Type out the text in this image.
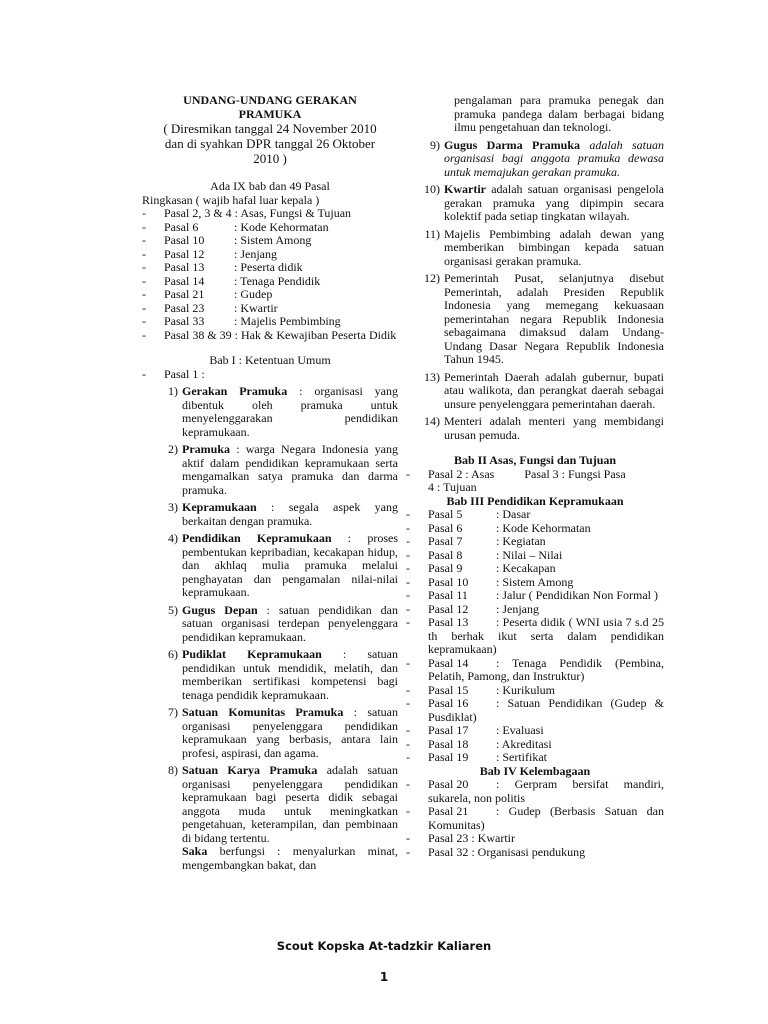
UNDANG-UNDANG GERAKAN
PRAMUKA
( Diresmikan tanggal 24 November 2010
dan di syahkan DPR tanggal 26 Oktober
2010 )
Ada IX bab dan 49 Pasal
Ringkasan ( wajib hafal luar kepala )
-	Pasal 2, 3 & 4 : Asas, Fungsi & Tujuan
-	Pasal 6	: Kode Kehormatan
-	Pasal 10	: Sistem Among
-	Pasal 12	: Jenjang
-	Pasal 13	: Peserta didik
-	Pasal 14	: Tenaga Pendidik
-	Pasal 21	: Gudep
-	Pasal 23	: Kwartir
-	Pasal 33	: Majelis Pembimbing
-	Pasal 38 & 39 : Hak & Kewajiban Peserta Didik
Bab I : Ketentuan Umum
-	Pasal 1 :
1) Gerakan Pramuka : organisasi yang dibentuk oleh pramuka untuk menyelenggarakan pendidikan kepramukaan.
2) Pramuka : warga Negara Indonesia yang aktif dalam pendidikan kepramukaan serta mengamalkan satya pramuka dan darma pramuka.
3) Kepramukaan : segala aspek yang berkaitan dengan pramuka.
4) Pendidikan Kepramukaan : proses pembentukan kepribadian, kecakapan hidup, dan akhlaq mulia pramuka melalui penghayatan dan pengamalan nilai-nilai kepramukaan.
5) Gugus Depan : satuan pendidikan dan satuan organisasi terdepan penyelenggara pendidikan kepramukaan.
6) Pudiklat Kepramukaan : satuan pendidikan untuk mendidik, melatih, dan memberikan sertifikasi kompetensi bagi tenaga pendidik kepramukaan.
7) Satuan Komunitas Pramuka : satuan organisasi penyelenggara pendidikan kepramukaan yang berbasis, antara lain profesi, aspirasi, dan agama.
8) Satuan Karya Pramuka adalah satuan organisasi penyelenggara pendidikan kepramukaan bagi peserta didik sebagai anggota muda untuk meningkatkan pengetahuan, keterampilan, dan pembinaan di bidang tertentu.
Saka berfungsi : menyalurkan minat, mengembangkan bakat, dan
pengalaman para pramuka penegak dan pramuka pandega dalam berbagai bidang ilmu pengetahuan dan teknologi.
9) Gugus Darma Pramuka adalah satuan organisasi bagi anggota pramuka dewasa untuk memajukan gerakan pramuka.
10) Kwartir adalah satuan organisasi pengelola gerakan pramuka yang dipimpin secara kolektif pada setiap tingkatan wilayah.
11) Majelis Pembimbing adalah dewan yang memberikan bimbingan kepada satuan organisasi gerakan pramuka.
12) Pemerintah Pusat, selanjutnya disebut Pemerintah, adalah Presiden Republik Indonesia yang memegang kekuasaan pemerintahan negara Republik Indonesia sebagaimana dimaksud dalam Undang-Undang Dasar Negara Republik Indonesia Tahun 1945.
13) Pemerintah Daerah adalah gubernur, bupati atau walikota, dan perangkat daerah sebagai unsure penyelenggara pemerintahan daerah.
14) Menteri adalah menteri yang membidangi urusan pemuda.
Bab II Asas, Fungsi dan Tujuan
-	Pasal 2 : Asas          Pasal 3 : Fungsi Pasa
4 : Tujuan
Bab III Pendidikan Kepramukaan
-	Pasal 5	: Dasar
-	Pasal 6	: Kode Kehormatan
-	Pasal 7	: Kegiatan
-	Pasal 8	: Nilai – Nilai
-	Pasal 9	: Kecakapan
-	Pasal 10 : Sistem Among
-	Pasal 11 : Jalur ( Pendidikan Non Formal )
-	Pasal 12 : Jenjang
-	Pasal 13 : Peserta didik ( WNI usia 7 s.d 25 th berhak ikut serta dalam pendidikan kepramukaan)
-	Pasal 14 : Tenaga Pendidik (Pembina, Pelatih, Pamong, dan Instruktur)
-	Pasal 15 : Kurikulum
-	Pasal 16 : Satuan Pendidikan (Gudep & Pusdiklat)
-	Pasal 17 : Evaluasi
-	Pasal 18 : Akreditasi
-	Pasal 19 : Sertifikat
Bab IV Kelembagaan
-	Pasal 20 : Gerpram bersifat mandiri, sukarela, non politis
-	Pasal 21 : Gudep (Berbasis Satuan dan Komunitas)
-	Pasal 23 : Kwartir
-	Pasal 32 : Organisasi pendukung
Scout Kopska At-tadzkir Kaliaren
1
